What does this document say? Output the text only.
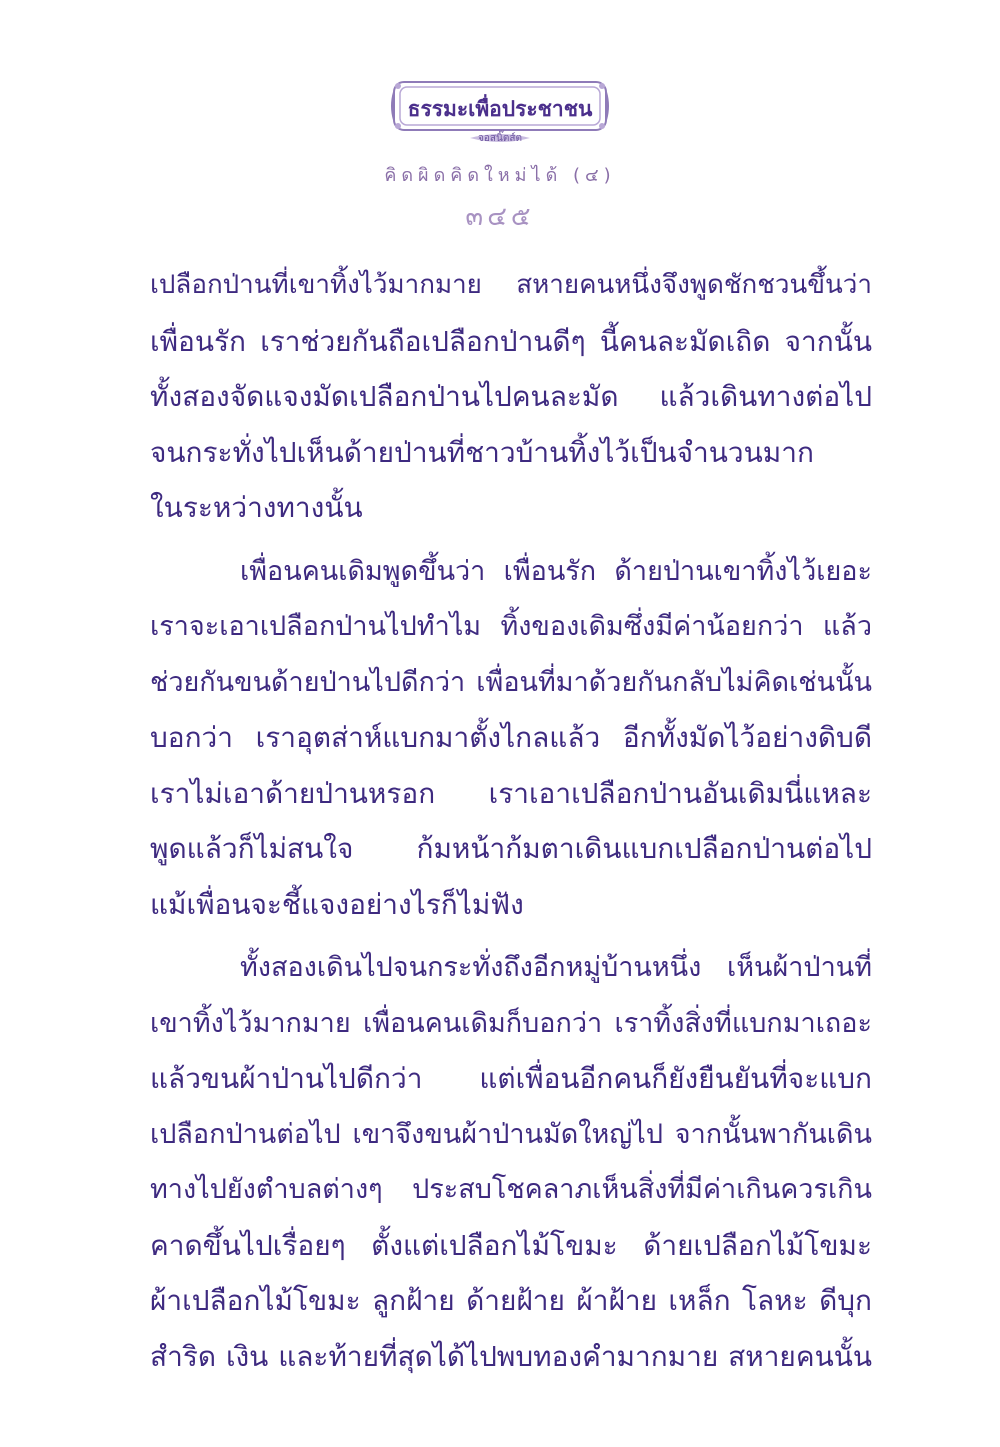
ธรรมะเพื่อประชาชน
จอสนิ๊ตส์ต
คิดผิดคิดใหม่ได้ (๔)
๓๔๕
เปลือกป่านที่เขาทิ้งไว้มากมาย สหายคนหนึ่งจึงพูดชักชวนขึ้นว่า
เพื่อนรัก เราช่วยกันถือเปลือกป่านดีๆ นี้คนละมัดเถิด จากนั้น
ทั้งสองจัดแจงมัดเปลือกป่านไปคนละมัด แล้วเดินทางต่อไป
จนกระทั่งไปเห็นด้ายป่านที่ชาวบ้านทิ้งไว้เป็นจำนวนมาก
ในระหว่างทางนั้น
เพื่อนคนเดิมพูดขึ้นว่า เพื่อนรัก ด้ายป่านเขาทิ้งไว้เยอะ
เราจะเอาเปลือกป่านไปทำไม ทิ้งของเดิมซึ่งมีค่าน้อยกว่า แล้ว
ช่วยกันขนด้ายป่านไปดีกว่า เพื่อนที่มาด้วยกันกลับไม่คิดเช่นนั้น
บอกว่า เราอุตส่าห์แบกมาตั้งไกลแล้ว อีกทั้งมัดไว้อย่างดิบดี
เราไม่เอาด้ายป่านหรอก เราเอาเปลือกป่านอันเดิมนี่แหละ
พูดแล้วก็ไม่สนใจ ก้มหน้าก้มตาเดินแบกเปลือกป่านต่อไป
แม้เพื่อนจะชี้แจงอย่างไรก็ไม่ฟัง
ทั้งสองเดินไปจนกระทั่งถึงอีกหมู่บ้านหนึ่ง เห็นผ้าป่านที่
เขาทิ้งไว้มากมาย เพื่อนคนเดิมก็บอกว่า เราทิ้งสิ่งที่แบกมาเถอะ
แล้วขนผ้าป่านไปดีกว่า แต่เพื่อนอีกคนก็ยังยืนยันที่จะแบก
เปลือกป่านต่อไป เขาจึงขนผ้าป่านมัดใหญ่ไป จากนั้นพากันเดิน
ทางไปยังตำบลต่างๆ ประสบโชคลาภเห็นสิ่งที่มีค่าเกินควรเกิน
คาดขึ้นไปเรื่อยๆ ตั้งแต่เปลือกไม้โขมะ ด้ายเปลือกไม้โขมะ
ผ้าเปลือกไม้โขมะ ลูกฝ้าย ด้ายฝ้าย ผ้าฝ้าย เหล็ก โลหะ ดีบุก
สำริด เงิน และท้ายที่สุดได้ไปพบทองคำมากมาย สหายคนนั้น
